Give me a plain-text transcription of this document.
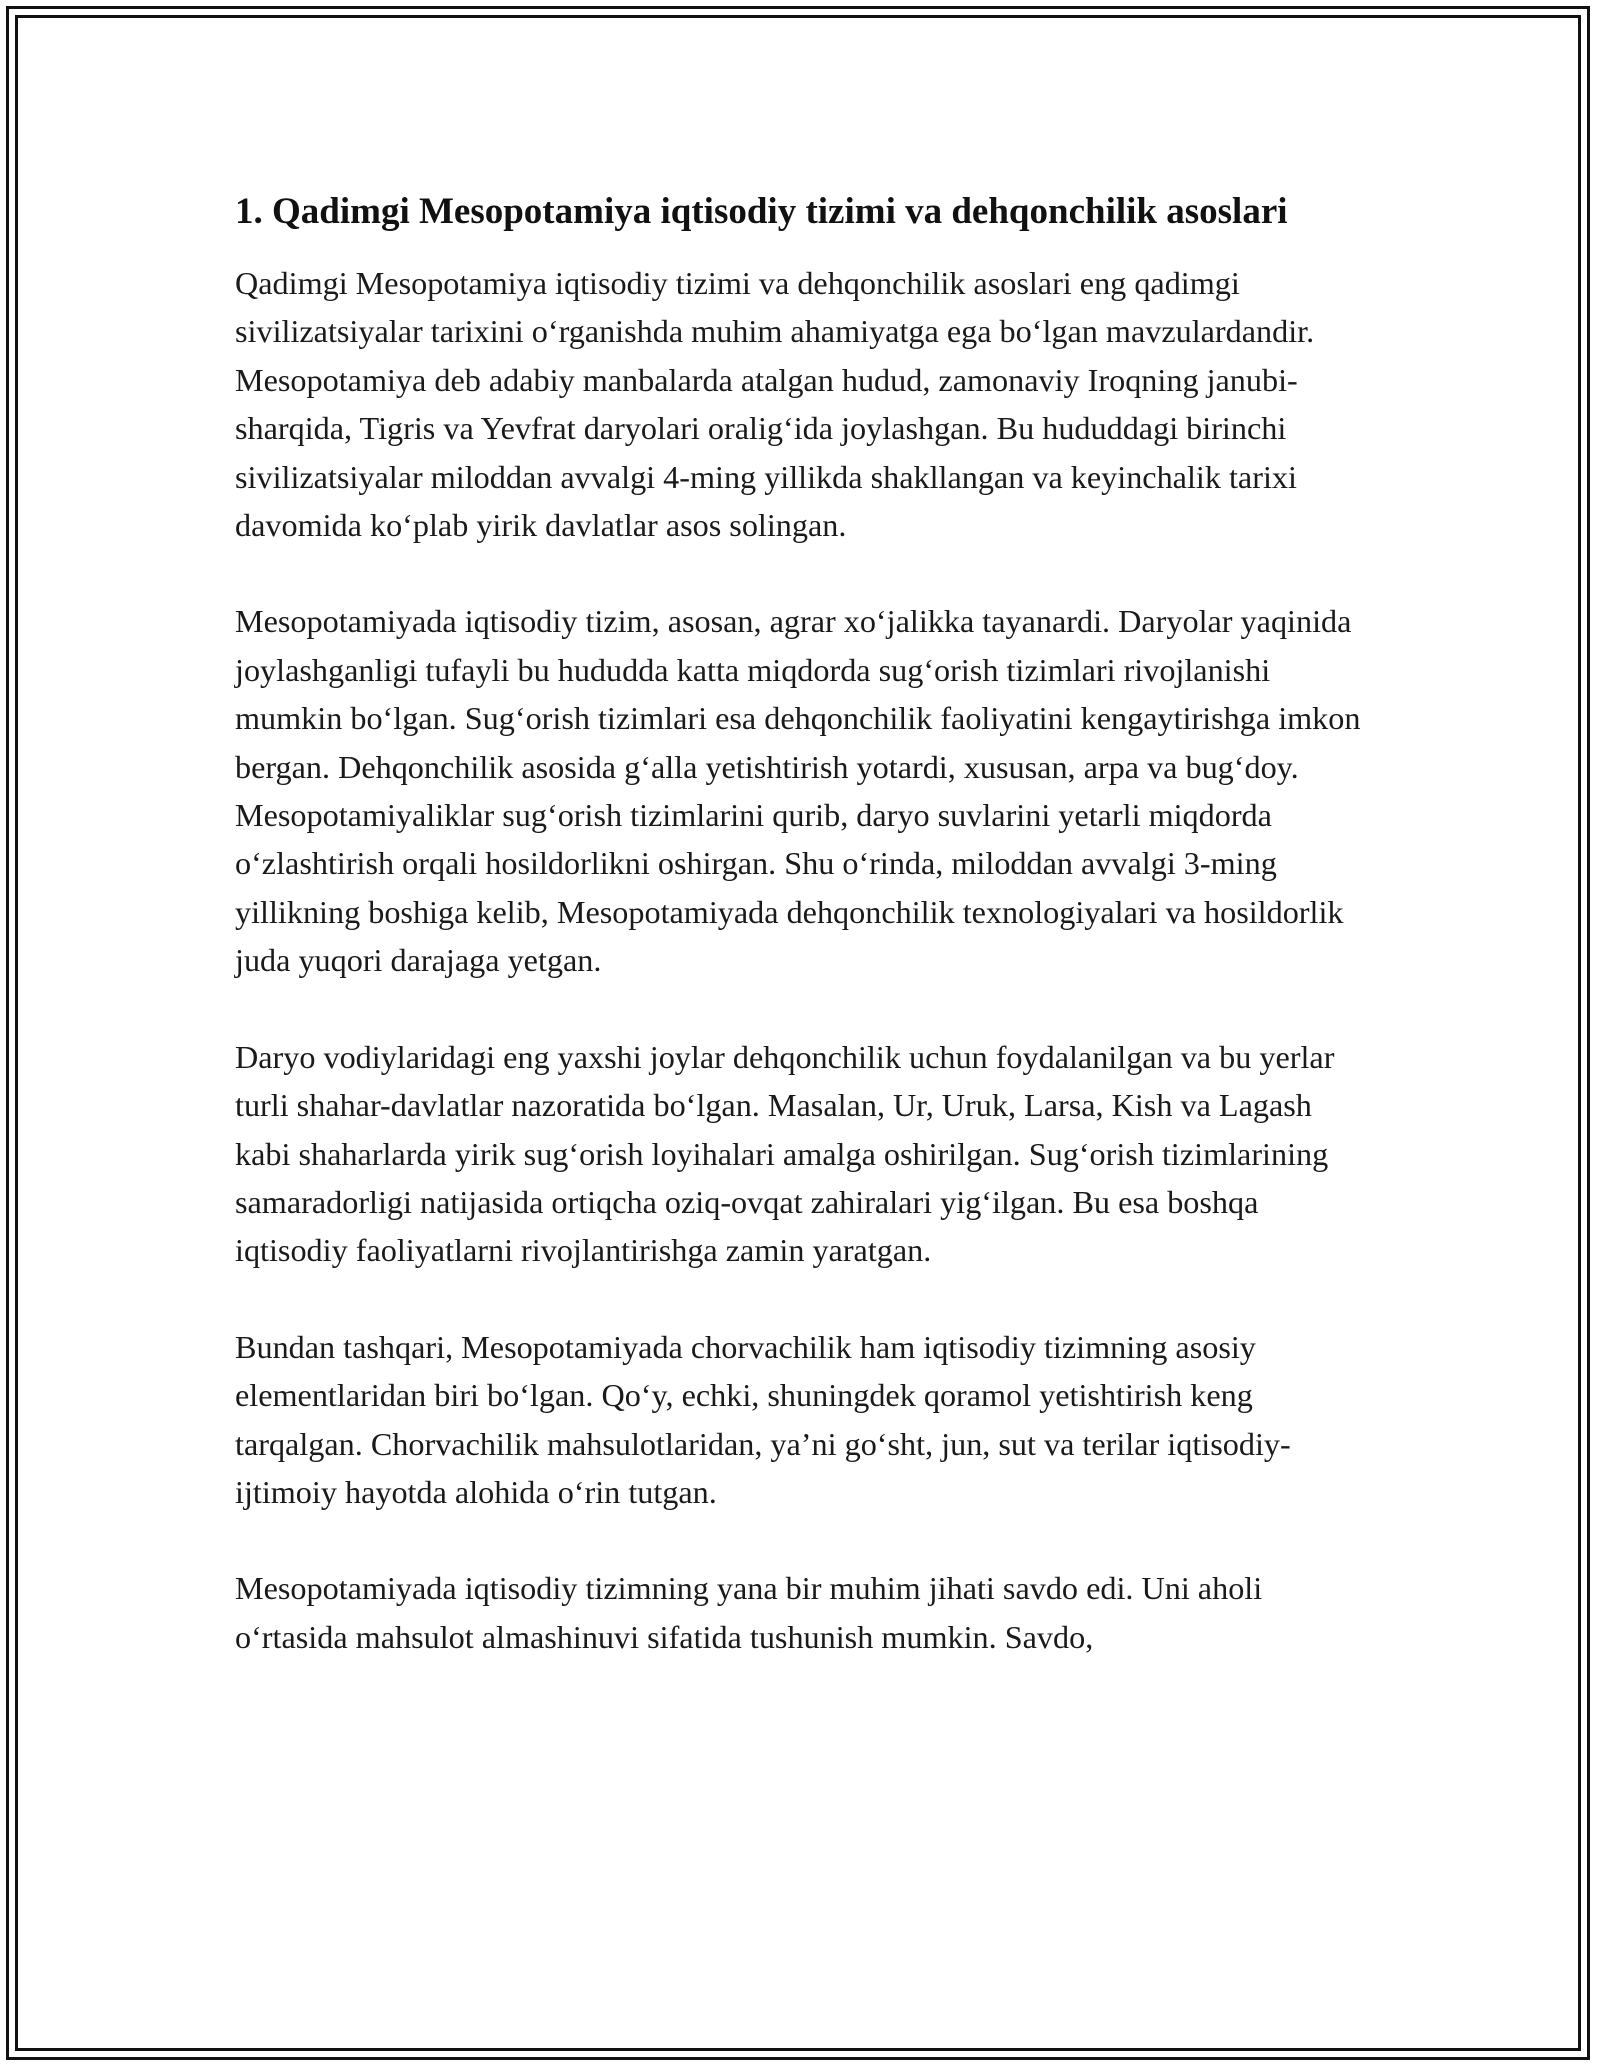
1. Qadimgi Mesopotamiya iqtisodiy tizimi va dehqonchilik asoslari

Qadimgi Mesopotamiya iqtisodiy tizimi va dehqonchilik asoslari eng qadimgi sivilizatsiyalar tarixini o‘rganishda muhim ahamiyatga ega bo‘lgan mavzulardandir. Mesopotamiya deb adabiy manbalarda atalgan hudud, zamonaviy Iroqning janubi-sharqida, Tigris va Yevfrat daryolari oralig‘ida joylashgan. Bu hududdagi birinchi sivilizatsiyalar miloddan avvalgi 4-ming yillikda shakllangan va keyinchalik tarixi davomida ko‘plab yirik davlatlar asos solingan.

Mesopotamiyada iqtisodiy tizim, asosan, agrar xo‘jalikka tayanardi. Daryolar yaqinida joylashganligi tufayli bu hududda katta miqdorda sug‘orish tizimlari rivojlanishi mumkin bo‘lgan. Sug‘orish tizimlari esa dehqonchilik faoliyatini kengaytirishga imkon bergan. Dehqonchilik asosida g‘alla yetishtirish yotardi, xususan, arpa va bug‘doy. Mesopotamiyaliklar sug‘orish tizimlarini qurib, daryo suvlarini yetarli miqdorda o‘zlashtirish orqali hosildorlikni oshirgan. Shu o‘rinda, miloddan avvalgi 3-ming yillikning boshiga kelib, Mesopotamiyada dehqonchilik texnologiyalari va hosildorlik juda yuqori darajaga yetgan.

Daryo vodiylaridagi eng yaxshi joylar dehqonchilik uchun foydalanilgan va bu yerlar turli shahar-davlatlar nazoratida bo‘lgan. Masalan, Ur, Uruk, Larsa, Kish va Lagash kabi shaharlarda yirik sug‘orish loyihalari amalga oshirilgan. Sug‘orish tizimlarining samaradorligi natijasida ortiqcha oziq-ovqat zahiralari yig‘ilgan. Bu esa boshqa iqtisodiy faoliyatlarni rivojlantirishga zamin yaratgan.

Bundan tashqari, Mesopotamiyada chorvachilik ham iqtisodiy tizimning asosiy elementlaridan biri bo‘lgan. Qo‘y, echki, shuningdek qoramol yetishtirish keng tarqalgan. Chorvachilik mahsulotlaridan, ya’ni go‘sht, jun, sut va terilar iqtisodiy-ijtimoiy hayotda alohida o‘rin tutgan.

Mesopotamiyada iqtisodiy tizimning yana bir muhim jihati savdo edi. Uni aholi o‘rtasida mahsulot almashinuvi sifatida tushunish mumkin. Savdo,
